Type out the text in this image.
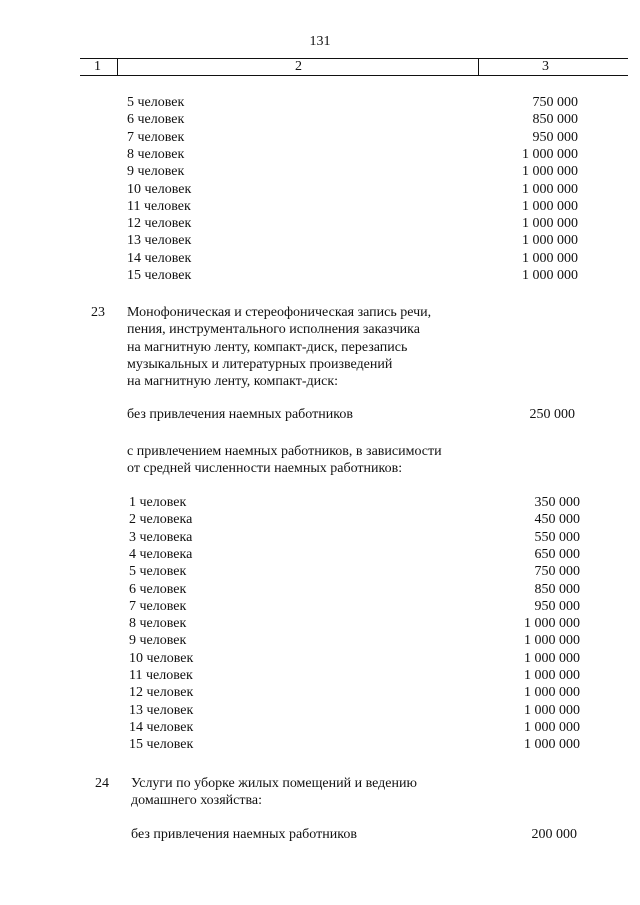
131
1	2	3
5 человек	750 000
6 человек	850 000
7 человек	950 000
8 человек	1 000 000
9 человек	1 000 000
10 человек	1 000 000
11 человек	1 000 000
12 человек	1 000 000
13 человек	1 000 000
14 человек	1 000 000
15 человек	1 000 000
23 Монофоническая и стереофоническая запись речи,
пения, инструментального исполнения заказчика
на магнитную ленту, компакт-диск, перезапись
музыкальных и литературных произведений
на магнитную ленту, компакт-диск:
без привлечения наемных работников	250 000
с привлечением наемных работников, в зависимости
от средней численности наемных работников:
1 человек	350 000
2 человека	450 000
3 человека	550 000
4 человека	650 000
5 человек	750 000
6 человек	850 000
7 человек	950 000
8 человек	1 000 000
9 человек	1 000 000
10 человек	1 000 000
11 человек	1 000 000
12 человек	1 000 000
13 человек	1 000 000
14 человек	1 000 000
15 человек	1 000 000
24 Услуги по уборке жилых помещений и ведению
домашнего хозяйства:
без привлечения наемных работников	200 000
